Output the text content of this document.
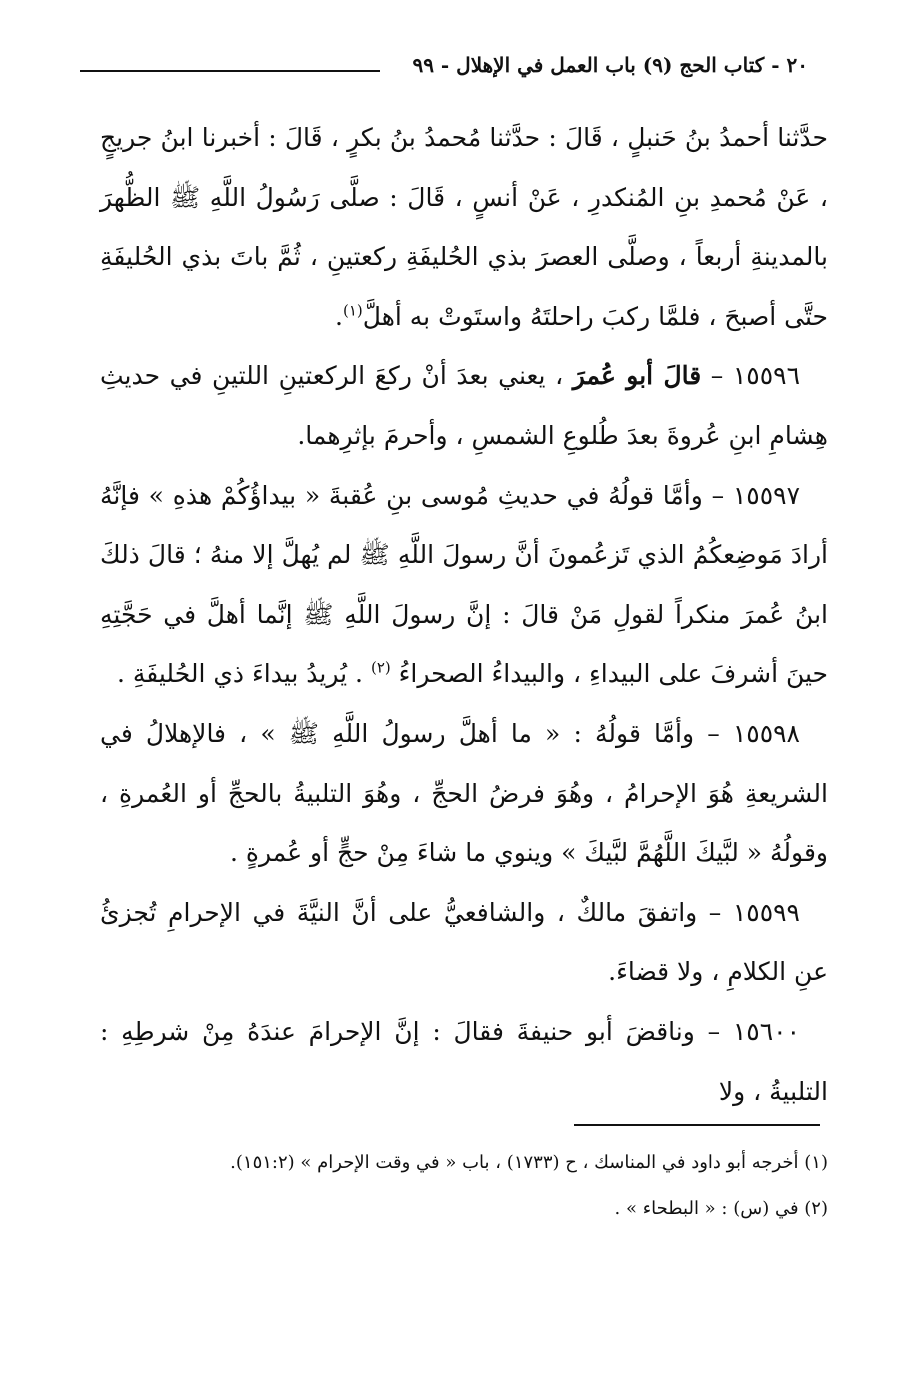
٢٠ - كتاب الحج (٩) باب العمل في الإهلال - ٩٩

حدَّثنا أحمدُ بنُ حَنبلٍ ، قَالَ : حدَّثنا مُحمدُ بنُ بكرٍ ، قَالَ : أخبرنا ابنُ جريجٍ ، عَنْ مُحمدِ بنِ المُنكدرِ ، عَنْ أنسٍ ، قَالَ : صلَّى رَسُولُ اللَّهِ ﷺ الظُّهرَ بالمدينةِ أربعاً ، وصلَّى العصرَ بذي الحُليفَةِ ركعتينِ ، ثُمَّ باتَ بذي الحُليفَةِ حتَّى أصبحَ ، فلمَّا ركبَ راحلتَهُ واستَوتْ به أهلَّ$^{(١)}$.

١٥٥٩٦ – قالَ أبو عُمرَ ، يعني بعدَ أنْ ركعَ الركعتينِ اللتينِ في حديثِ هِشامِ ابنِ عُروةَ بعدَ طُلوعِ الشمسِ ، وأحرمَ بإثرِهما.

١٥٥٩٧ – وأمَّا قولُهُ في حديثِ مُوسى بنِ عُقبةَ « بيداؤُكُمْ هذهِ » فإنَّهُ أرادَ مَوضِعكُمُ الذي تَزعُمونَ أنَّ رسولَ اللَّهِ ﷺ لم يُهلَّ إلا منهُ ؛ قالَ ذلكَ ابنُ عُمرَ منكراً لقولِ مَنْ قالَ : إنَّ رسولَ اللَّهِ ﷺ إنَّما أهلَّ في حَجَّتِهِ حينَ أشرفَ على البيداءِ ، والبيداءُ الصحراءُ $^{(٢)}$ . يُريدُ بيداءَ ذي الحُليفَةِ .

١٥٥٩٨ – وأمَّا قولُهُ : « ما أهلَّ رسولُ اللَّهِ ﷺ » ، فالإهلالُ في الشريعةِ هُوَ الإحرامُ ، وهُوَ فرضُ الحجِّ ، وهُوَ التلبيةُ بالحجِّ أو العُمرةِ ، وقولُهُ « لبَّيكَ اللَّهُمَّ لبَّيكَ » وينوي ما شاءَ مِنْ حجٍّ أو عُمرةٍ .

١٥٥٩٩ – واتفقَ مالكٌ ، والشافعيُّ على أنَّ النيَّةَ في الإحرامِ تُجزئُ عنِ الكلامِ ، ولا قضاءَ.

١٥٦٠٠ – وناقضَ أبو حنيفةَ فقالَ : إنَّ الإحرامَ عندَهُ مِنْ شرطِهِ : التلبيةُ ، ولا

(١) أخرجه أبو داود في المناسك ، ح (١٧٣٣) ، باب « في وقت الإحرام » (١٥١:٢).

(٢) في (س) : « البطحاء » .
